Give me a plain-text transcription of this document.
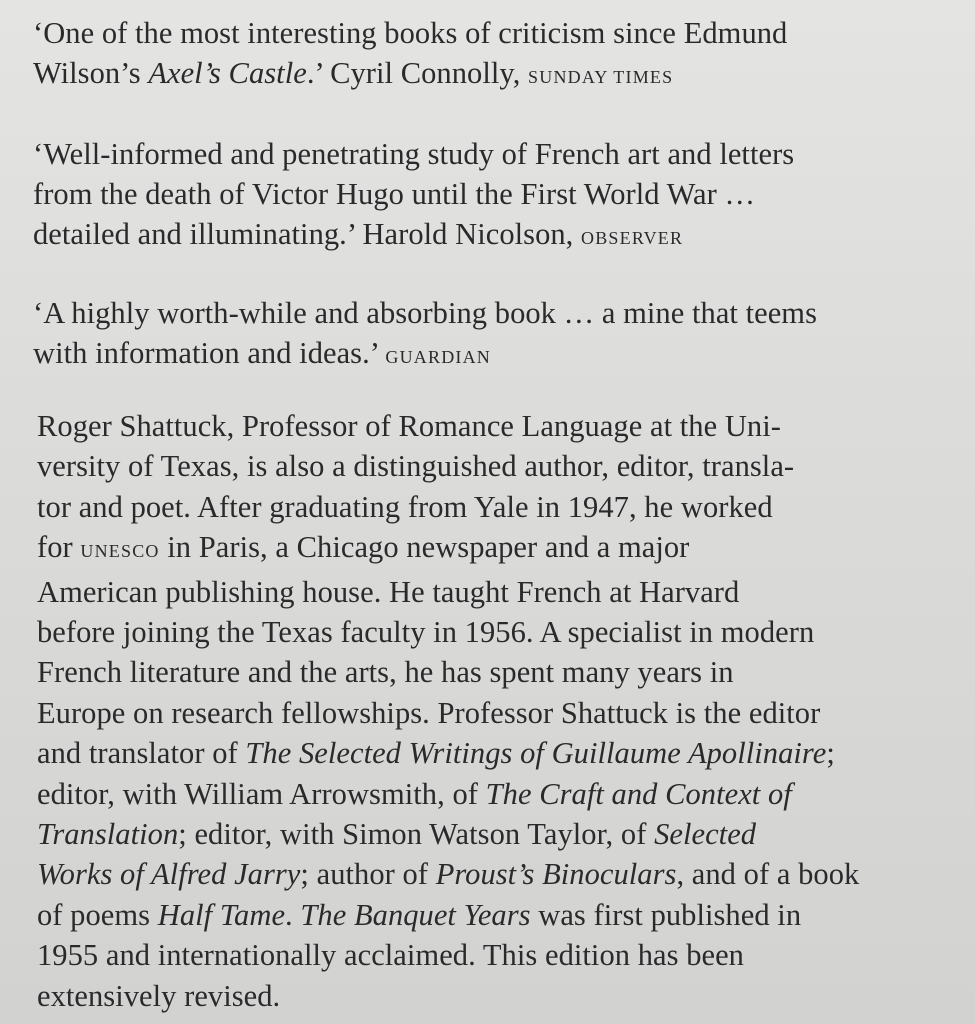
‘One of the most interesting books of criticism since Edmund
Wilson’s Axel’s Castle.’ Cyril Connolly, SUNDAY TIMES
‘Well-informed and penetrating study of French art and letters
from the death of Victor Hugo until the First World War …
detailed and illuminating.’ Harold Nicolson, OBSERVER
‘A highly worth-while and absorbing book … a mine that teems
with information and ideas.’ GUARDIAN
Roger Shattuck, Professor of Romance Language at the Uni-
versity of Texas, is also a distinguished author, editor, transla-
tor and poet. After graduating from Yale in 1947, he worked
for UNESCO in Paris, a Chicago newspaper and a major
American publishing house. He taught French at Harvard
before joining the Texas faculty in 1956. A specialist in modern
French literature and the arts, he has spent many years in
Europe on research fellowships. Professor Shattuck is the editor
and translator of The Selected Writings of Guillaume Apollinaire;
editor, with William Arrowsmith, of The Craft and Context of
Translation; editor, with Simon Watson Taylor, of Selected
Works of Alfred Jarry; author of Proust’s Binoculars, and of a book
of poems Half Tame. The Banquet Years was first published in
1955 and internationally acclaimed. This edition has been
extensively revised.
